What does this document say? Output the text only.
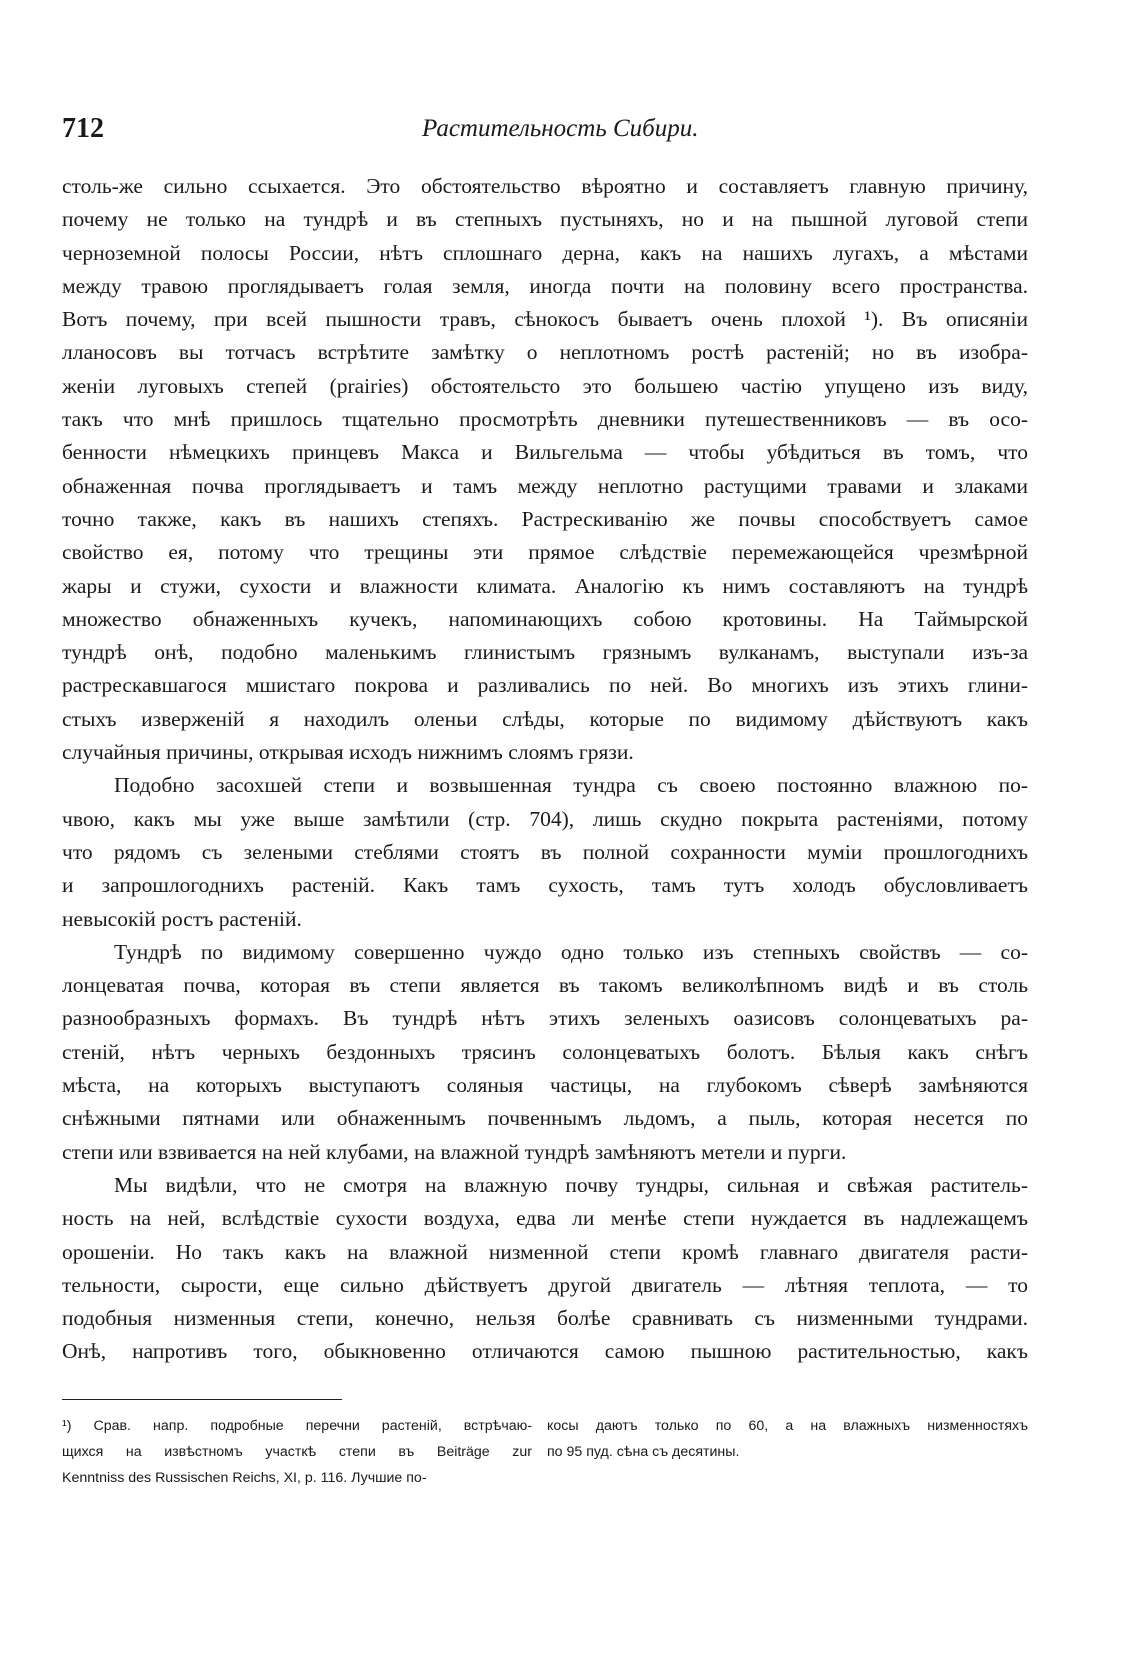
712	Растительность Сибири.

столь-же сильно ссыхается. Это обстоятельство вѣроятно и составляетъ главную причину,
почему не только на тундрѣ и въ степныхъ пустыняхъ, но и на пышной луговой степи
черноземной полосы России, нѣтъ сплошнаго дерна, какъ на нашихъ лугахъ, а мѣстами
между травою проглядываетъ голая земля, иногда почти на половину всего пространства.
Вотъ почему, при всей пышности травъ, сѣнокосъ бываетъ очень плохой ¹). Въ описянiи
лланосовъ вы тотчасъ встрѣтите замѣтку о неплотномъ ростѣ растенiй; но въ изобра-
женiи луговыхъ степей (prairies) обстоятельсто это большею частiю упущено изъ виду,
такъ что мнѣ пришлось тщательно просмотрѣть дневники путешественниковъ — въ осо-
бенности нѣмецкихъ принцевъ Макса и Вильгельма — чтобы убѣдиться въ томъ, что
обнаженная почва проглядываетъ и тамъ между неплотно растущими травами и злаками
точно также, какъ въ нашихъ степяхъ. Растрескиванiю же почвы способствуетъ самое
свойство ея, потому что трещины эти прямое слѣдствiе перемежающейся чрезмѣрной
жары и стужи, сухости и влажности климата. Аналогiю къ нимъ составляютъ на тундрѣ
множество обнаженныхъ кучекъ, напоминающихъ собою кротовины. На Таймырской
тундрѣ онѣ, подобно маленькимъ глинистымъ грязнымъ вулканамъ, выступали изъ-за
растрескавшагося мшистаго покрова и разливались по ней. Во многихъ изъ этихъ глини-
стыхъ изверженiй я находилъ оленьи слѣды, которые по видимому дѣйствуютъ какъ
случайныя причины, открывая исходъ нижнимъ слоямъ грязи.

Подобно засохшей степи и возвышенная тундра съ своею постоянно влажною по-
чвою, какъ мы уже выше замѣтили (стр. 704), лишь скудно покрыта растенiями, потому
что рядомъ съ зелеными стеблями стоятъ въ полной сохранности мумiи прошлогоднихъ
и запрошлогоднихъ растенiй. Какъ тамъ сухость, тамъ тутъ холодъ обусловливаетъ
невысокiй ростъ растенiй.

Тундрѣ по видимому совершенно чуждо одно только изъ степныхъ свойствъ — со-
лонцеватая почва, которая въ степи является въ такомъ великолѣпномъ видѣ и въ столь
разнообразныхъ формахъ. Въ тундрѣ нѣтъ этихъ зеленыхъ оазисовъ солонцеватыхъ ра-
стенiй, нѣтъ черныхъ бездонныхъ трясинъ солонцеватыхъ болотъ. Бѣлыя какъ снѣгъ
мѣста, на которыхъ выступаютъ соляныя частицы, на глубокомъ сѣверѣ замѣняются
снѣжными пятнами или обнаженнымъ почвеннымъ льдомъ, а пыль, которая несется по
степи или взвивается на ней клубами, на влажной тундрѣ замѣняютъ метели и пурги.

Мы видѣли, что не смотря на влажную почву тундры, сильная и свѣжая раститель-
ность на ней, вслѣдствiе сухости воздуха, едва ли менѣе степи нуждается въ надлежащемъ
орошенiи. Но такъ какъ на влажной низменной степи кромѣ главнаго двигателя расти-
тельности, сырости, еще сильно дѣйствуетъ другой двигатель — лѣтняя теплота, — то
подобныя низменныя степи, конечно, нельзя болѣе сравнивать съ низменными тундрами.
Онѣ, напротивъ того, обыкновенно отличаются самою пышною растительностью, какъ

¹) Срав. напр. подробные перечни растенiй, встрѣчаю-
щихся на извѣстномъ участкѣ степи въ Beiträge zur
Kenntniss des Russischen Reichs, XI, p. 116. Лучшие по-
косы даютъ только по 60, а на влажныхъ низменностяхъ
по 95 пуд. сѣна съ десятины.
